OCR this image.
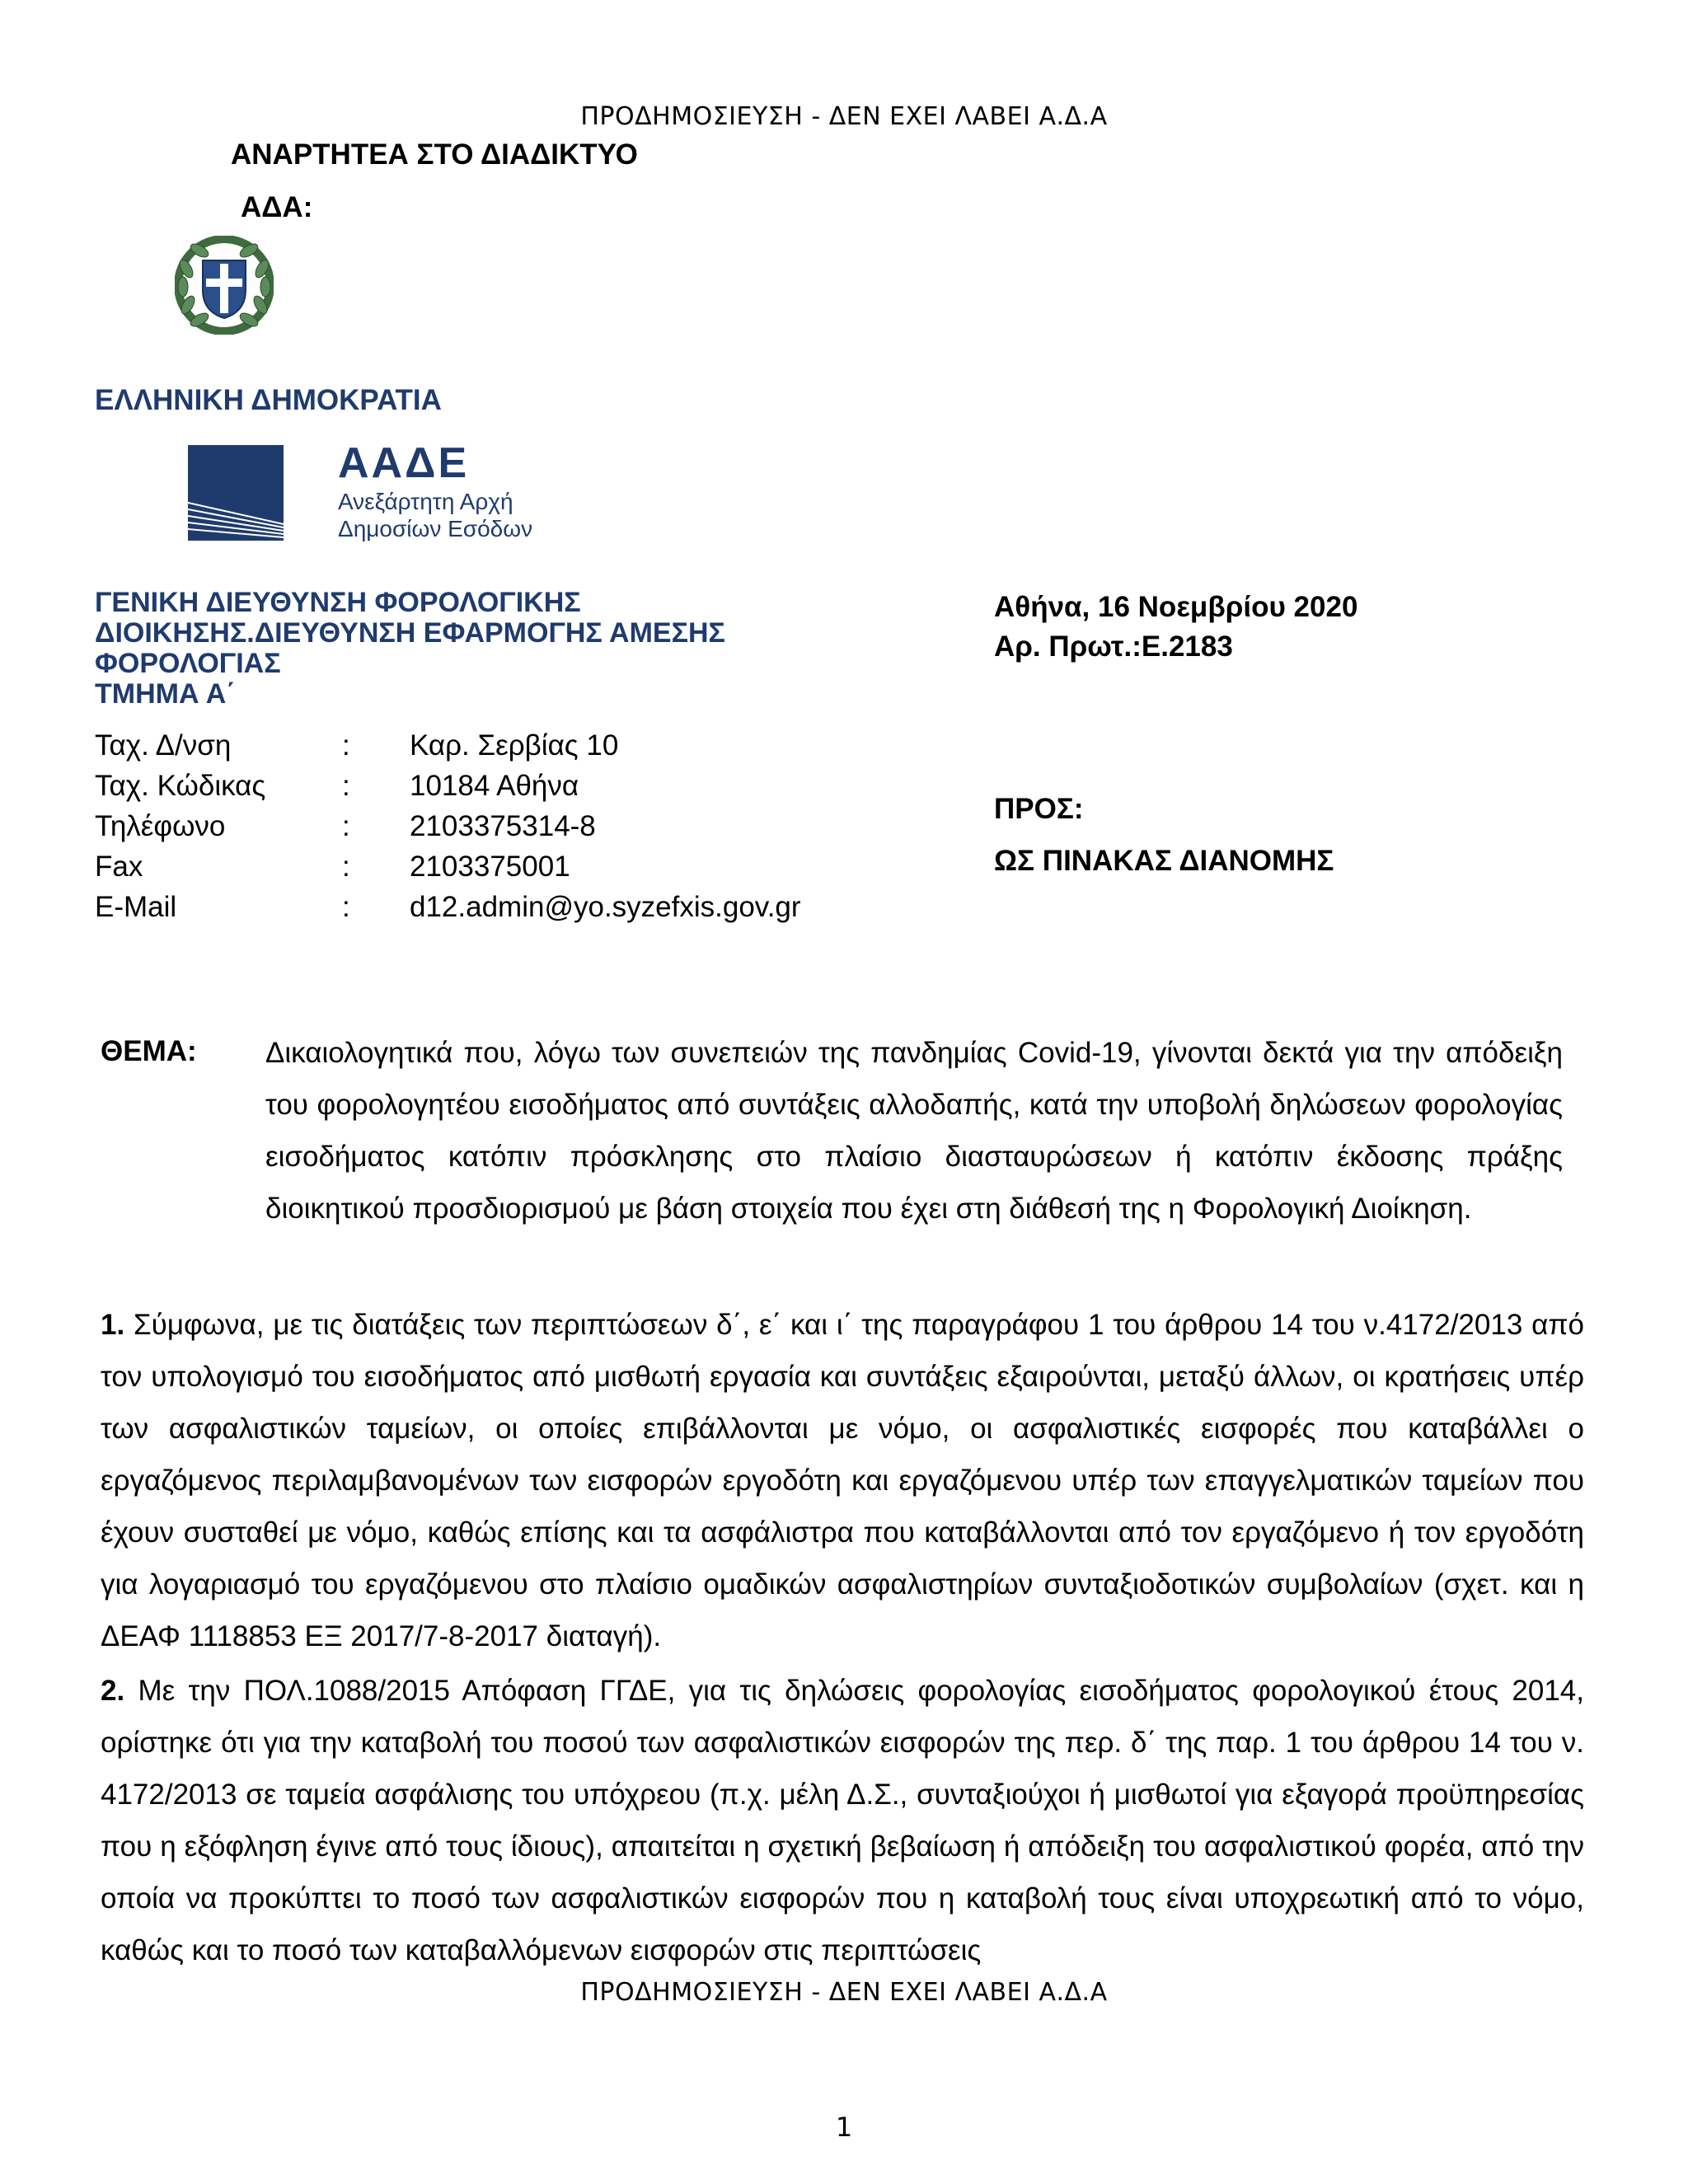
ΠΡΟΔΗΜΟΣΙΕΥΣΗ - ΔΕΝ ΕΧΕΙ ΛΑΒΕΙ Α.Δ.Α
ΑΝΑΡΤΗΤΕΑ ΣΤΟ ΔΙΑΔΙΚΤΥΟ
ΑΔΑ:
ΕΛΛΗΝΙΚΗ ΔΗΜΟΚΡΑΤΙΑ
ΑΑΔΕ
Ανεξάρτητη Αρχή
Δημοσίων Εσόδων
ΓΕΝΙΚΗ ΔΙΕΥΘΥΝΣΗ ΦΟΡΟΛΟΓΙΚΗΣ
ΔΙΟΙΚΗΣΗΣ.ΔΙΕΥΘΥΝΣΗ ΕΦΑΡΜΟΓΗΣ ΑΜΕΣΗΣ
ΦΟΡΟΛΟΓΙΑΣ
ΤΜΗΜΑ Α΄
Ταχ. Δ/νση	:	Καρ. Σερβίας 10
Ταχ. Κώδικας	:	10184 Αθήνα
Τηλέφωνο	:	2103375314-8
Fax	:	2103375001
E-Mail	:	d12.admin@yo.syzefxis.gov.gr
Αθήνα, 16 Νοεμβρίου 2020
Αρ. Πρωτ.:Ε.2183
ΠΡΟΣ:
ΩΣ ΠΙΝΑΚΑΣ ΔΙΑΝΟΜΗΣ
ΘΕΜΑ: Δικαιολογητικά που, λόγω των συνεπειών της πανδημίας Covid-19, γίνονται δεκτά για την απόδειξη του φορολογητέου εισοδήματος από συντάξεις αλλοδαπής, κατά την υποβολή δηλώσεων φορολογίας εισοδήματος κατόπιν πρόσκλησης στο πλαίσιο διασταυρώσεων ή κατόπιν έκδοσης πράξης διοικητικού προσδιορισμού με βάση στοιχεία που έχει στη διάθεσή της η Φορολογική Διοίκηση.
1. Σύμφωνα, με τις διατάξεις των περιπτώσεων δ΄, ε΄ και ι΄ της παραγράφου 1 του άρθρου 14 του ν.4172/2013 από τον υπολογισμό του εισοδήματος από μισθωτή εργασία και συντάξεις εξαιρούνται, μεταξύ άλλων, οι κρατήσεις υπέρ των ασφαλιστικών ταμείων, οι οποίες επιβάλλονται με νόμο, οι ασφαλιστικές εισφορές που καταβάλλει ο εργαζόμενος περιλαμβανομένων των εισφορών εργοδότη και εργαζόμενου υπέρ των επαγγελματικών ταμείων που έχουν συσταθεί με νόμο, καθώς επίσης και τα ασφάλιστρα που καταβάλλονται από τον εργαζόμενο ή τον εργοδότη για λογαριασμό του εργαζόμενου στο πλαίσιο ομαδικών ασφαλιστηρίων συνταξιοδοτικών συμβολαίων (σχετ. και η ΔΕΑΦ 1118853 ΕΞ 2017/7-8-2017 διαταγή).
2. Με την ΠΟΛ.1088/2015 Απόφαση ΓΓΔΕ, για τις δηλώσεις φορολογίας εισοδήματος φορολογικού έτους 2014, ορίστηκε ότι για την καταβολή του ποσού των ασφαλιστικών εισφορών της περ. δ΄ της παρ. 1 του άρθρου 14 του ν. 4172/2013 σε ταμεία ασφάλισης του υπόχρεου (π.χ. μέλη Δ.Σ., συνταξιούχοι ή μισθωτοί για εξαγορά προϋπηρεσίας που η εξόφληση έγινε από τους ίδιους), απαιτείται η σχετική βεβαίωση ή απόδειξη του ασφαλιστικού φορέα, από την οποία να προκύπτει το ποσό των ασφαλιστικών εισφορών που η καταβολή τους είναι υποχρεωτική από το νόμο, καθώς και το ποσό των καταβαλλόμενων εισφορών στις περιπτώσεις
ΠΡΟΔΗΜΟΣΙΕΥΣΗ - ΔΕΝ ΕΧΕΙ ΛΑΒΕΙ Α.Δ.Α
1
